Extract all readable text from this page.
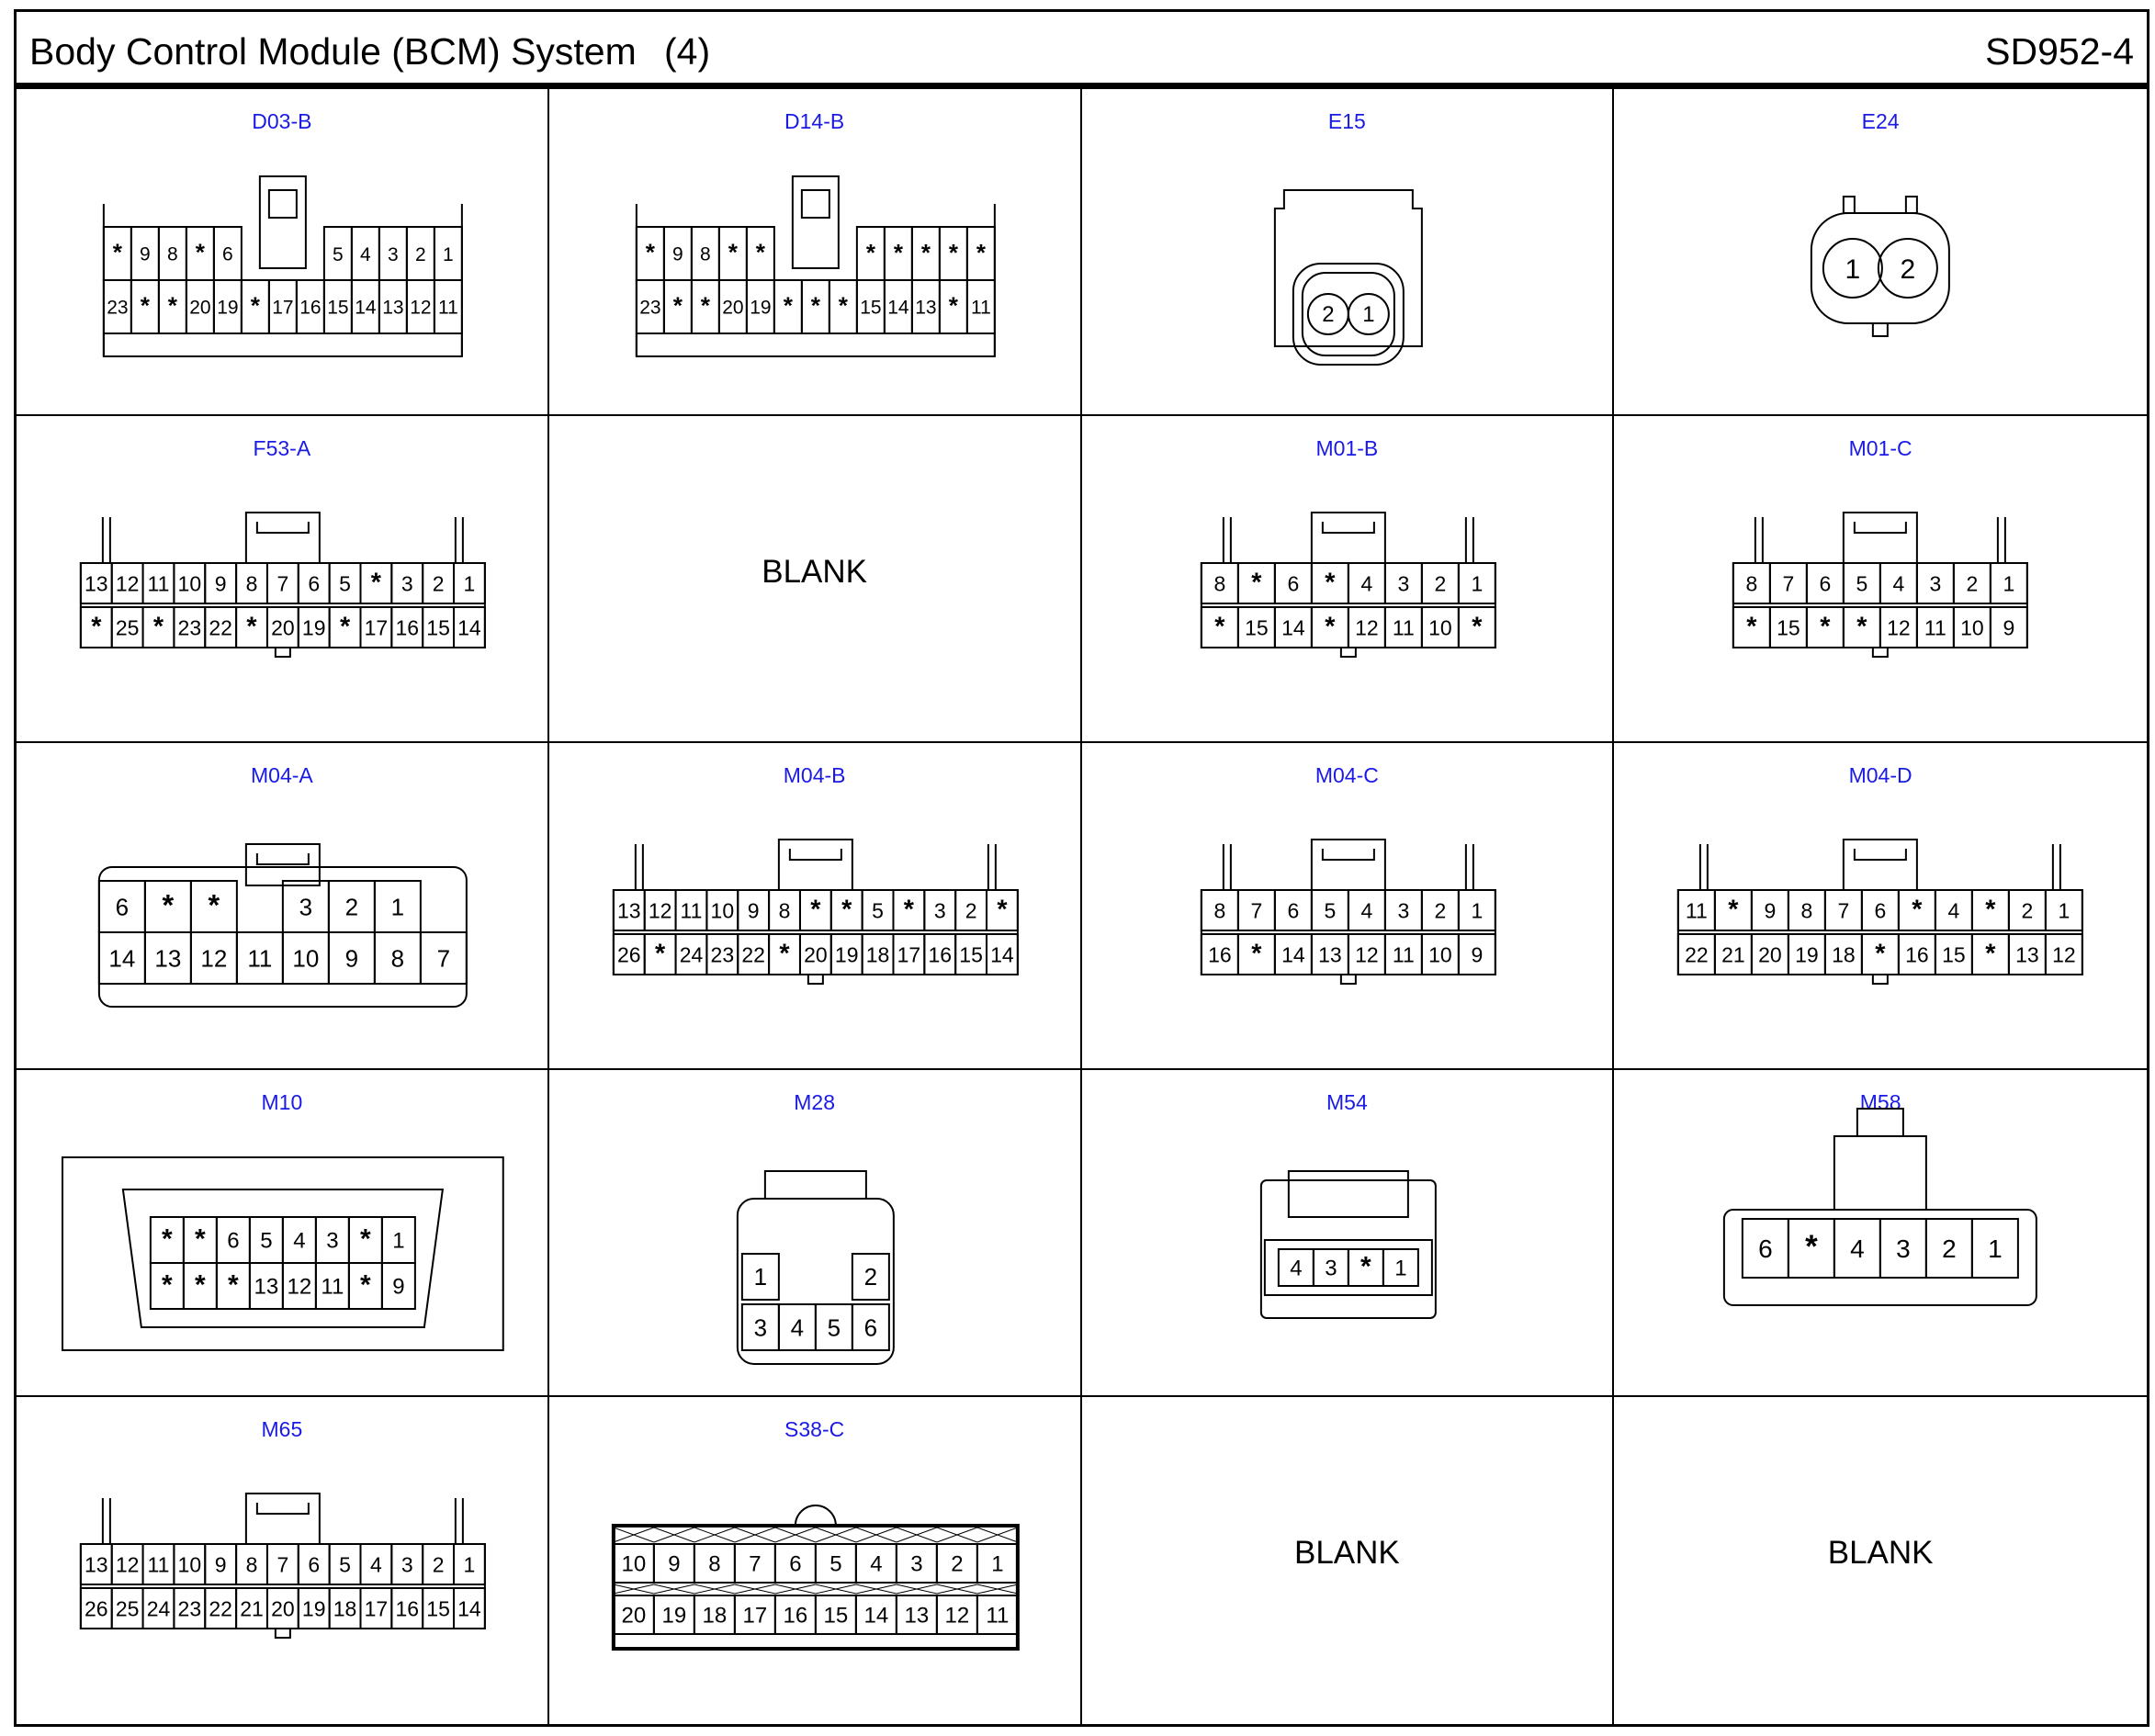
Body Control Module (BCM) System (4)	SD952-4
D03-B
* 9 8 * 6	5 4 3 2 1
23 * * 20 19 * 17 16 15 14 13 12 11
D14-B
* 9 8 * *	* * * * *
23 * * 20 19 * * * 15 14 13 * 11
E15
2 1
E24
1 2
F53-A
13 12 11 10 9 8 7 6 5 * 3 2 1
* 25 * 23 22 * 20 19 * 17 16 15 14
BLANK
M01-B
8 * 6 * 4 3 2 1
* 15 14 * 12 11 10 *
M01-C
8 7 6 5 4 3 2 1
* 15 * * 12 11 10 9
M04-A
6 * *	3 2 1
14 13 12 11 10 9 8 7
M04-B
13 12 11 10 9 8 * * 5 * 3 2 *
26 * 24 23 22 * 20 19 18 17 16 15 14
M04-C
8 7 6 5 4 3 2 1
16 * 14 13 12 11 10 9
M04-D
11 * 9 8 7 6 * 4 * 2 1
22 21 20 19 18 * 16 15 * 13 12
M10
* * 6 5 4 3 * 1
* * * 13 12 11 * 9
M28
1	2
3 4 5 6
M54
4 3 * 1
M58
6 * 4 3 2 1
M65
13 12 11 10 9 8 7 6 5 4 3 2 1
26 25 24 23 22 21 20 19 18 17 16 15 14
S38-C
10 9 8 7 6 5 4 3 2 1
20 19 18 17 16 15 14 13 12 11
BLANK	BLANK
